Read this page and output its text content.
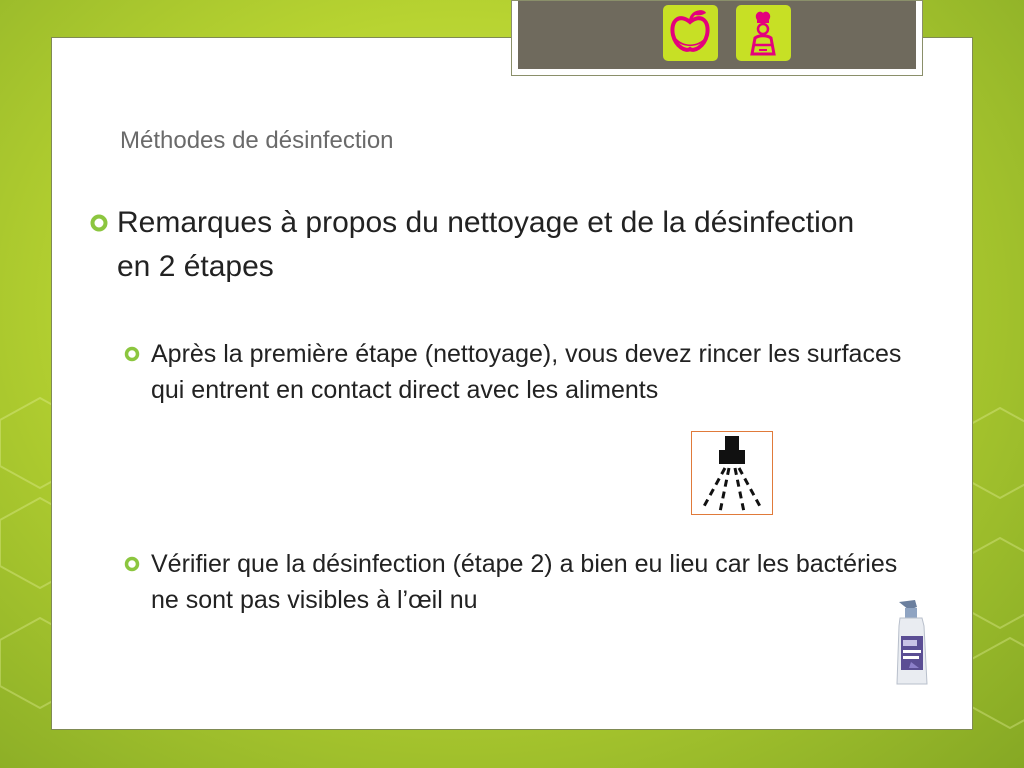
Méthodes de désinfection

Remarques à propos du nettoyage et de la désinfection en 2 étapes

Après la première étape (nettoyage), vous devez rincer les surfaces qui entrent en contact direct avec les aliments

Vérifier que la désinfection (étape 2) a bien eu lieu car les bactéries ne sont pas visibles à l’œil nu
